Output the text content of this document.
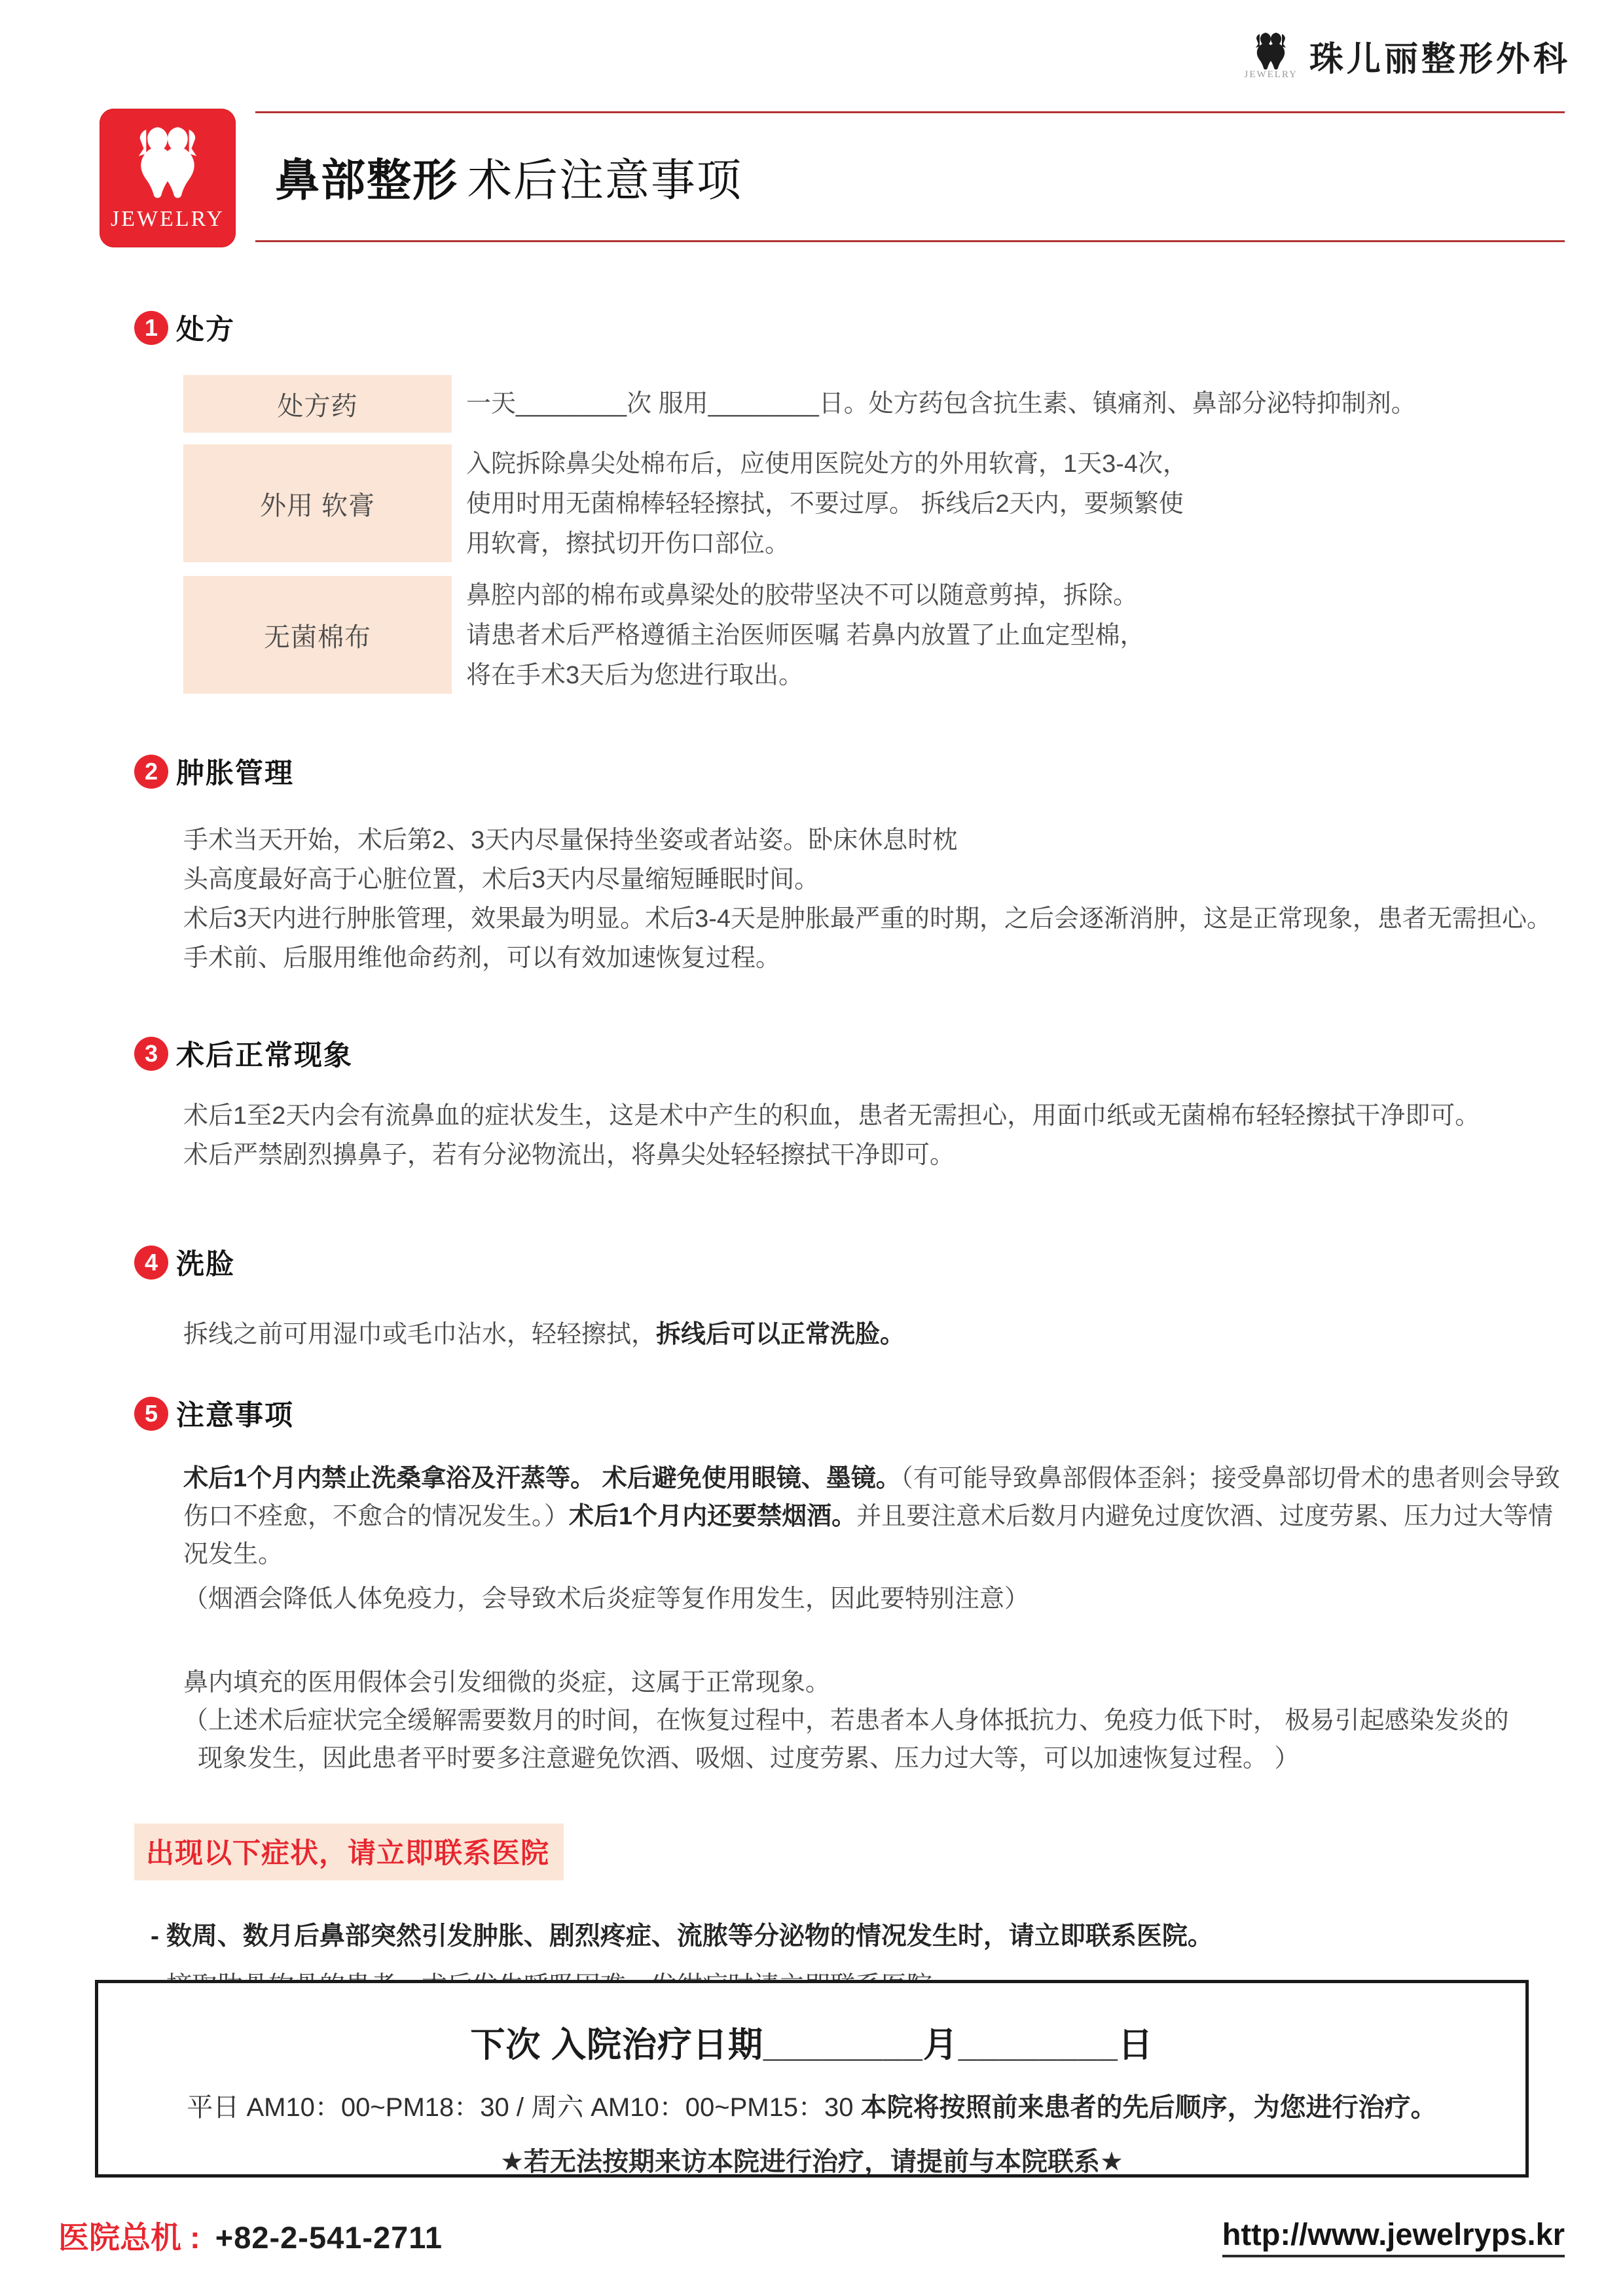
JEWELRY 珠儿丽整形外科
鼻部整形 术后注意事项
JEWELRY
1 处方
处方药	一天________次 服用________日。处方药包含抗生素、镇痛剂、鼻部分泌特抑制剂。
外用 软膏
入院拆除鼻尖处棉布后，应使用医院处方的外用软膏，1天3-4次，
使用时用无菌棉棒轻轻擦拭，不要过厚。 拆线后2天内，要频繁使
用软膏，擦拭切开伤口部位。
无菌棉布
鼻腔内部的棉布或鼻梁处的胶带坚决不可以随意剪掉，拆除。
请患者术后严格遵循主治医师医嘱 若鼻内放置了止血定型棉，
将在手术3天后为您进行取出。
2 肿胀管理
手术当天开始，术后第2、3天内尽量保持坐姿或者站姿。卧床休息时枕
头高度最好高于心脏位置，术后3天内尽量缩短睡眠时间。
术后3天内进行肿胀管理，效果最为明显。术后3-4天是肿胀最严重的时期，之后会逐渐消肿，这是正常现象，患者无需担心。
手术前、后服用维他命药剂，可以有效加速恢复过程。
3 术后正常现象
术后1至2天内会有流鼻血的症状发生，这是术中产生的积血，患者无需担心，用面巾纸或无菌棉布轻轻擦拭干净即可。
术后严禁剧烈擤鼻子，若有分泌物流出，将鼻尖处轻轻擦拭干净即可。
4 洗脸
拆线之前可用湿巾或毛巾沾水，轻轻擦拭，拆线后可以正常洗脸。
5 注意事项
术后1个月内禁止洗桑拿浴及汗蒸等。 术后避免使用眼镜、墨镜。（有可能导致鼻部假体歪斜；接受鼻部切骨术的患者则会导致伤口不痊愈，不愈合的情况发生。）术后1个月内还要禁烟酒。并且要注意术后数月内避免过度饮酒、过度劳累、压力过大等情况发生。
（烟酒会降低人体免疫力，会导致术后炎症等复作用发生，因此要特别注意）
鼻内填充的医用假体会引发细微的炎症，这属于正常现象。
（上述术后症状完全缓解需要数月的时间，在恢复过程中，若患者本人身体抵抗力、免疫力低下时， 极易引起感染发炎的
现象发生，因此患者平时要多注意避免饮酒、吸烟、过度劳累、压力过大等，可以加速恢复过程。 ）
出现以下症状，请立即联系医院
- 数周、数月后鼻部突然引发肿胀、剧烈疼症、流脓等分泌物的情况发生时，请立即联系医院。
下次 入院治疗日期________月________日
平日 AM10：00~PM18：30 / 周六 AM10：00~PM15：30 本院将按照前来患者的先后顺序，为您进行治疗。
★若无法按期来访本院进行治疗，请提前与本院联系★
医院总机 : +82-2-541-2711	http://www.jewelryps.kr
